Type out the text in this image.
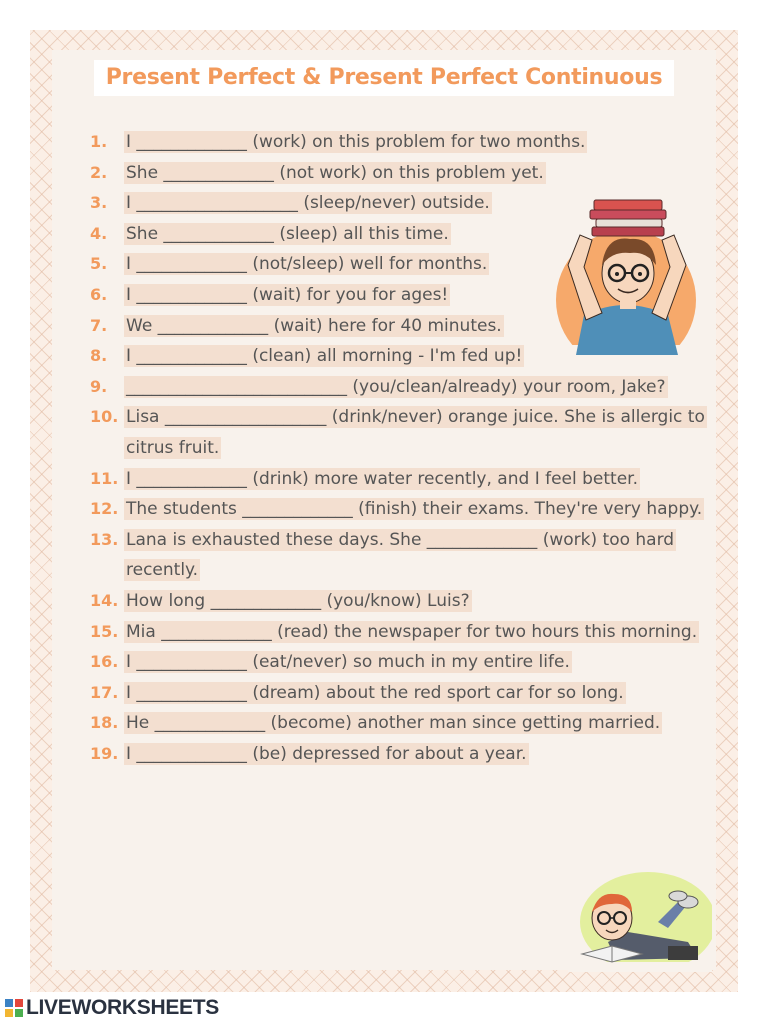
Present Perfect & Present Perfect Continuous
1.	I _____________ (work) on this problem for two months.
2.	She _____________ (not work) on this problem yet.
3.	I ___________________ (sleep/never) outside.
4.	She _____________ (sleep) all this time.
5.	I _____________ (not/sleep) well for months.
6.	I _____________ (wait) for you for ages!
7.	We _____________ (wait) here for 40 minutes.
8.	I _____________ (clean) all morning - I'm fed up!
9.	__________________________ (you/clean/already) your room, Jake?
10. Lisa ___________________ (drink/never) orange juice. She is allergic to citrus fruit.
11. I _____________ (drink) more water recently, and I feel better.
12. The students _____________ (finish) their exams. They're very happy.
13. Lana is exhausted these days. She _____________ (work) too hard recently.
14. How long _____________ (you/know) Luis?
15. Mia _____________ (read) the newspaper for two hours this morning.
16. I _____________ (eat/never) so much in my entire life.
17. I _____________ (dream) about the red sport car for so long.
18. He _____________ (become) another man since getting married.
19. I _____________ (be) depressed for about a year.
LIVEWORKSHEETS
